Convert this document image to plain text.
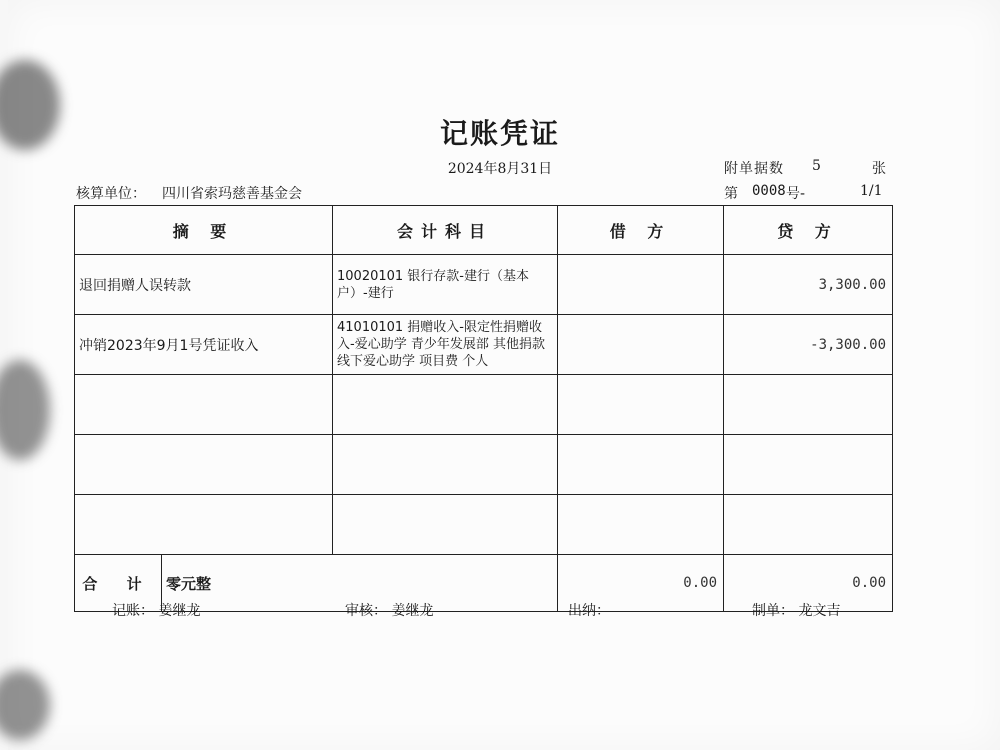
记账凭证
2024年8月31日	附单据数 5	张
核算单位： 四川省索玛慈善基金会	第 0008 号-	1/1
摘 要	会计科目	借 方	贷 方
退回捐赠人误转款	10020101 银行存款-建行（基本户）-建行		3,300.00
冲销2023年9月1号凭证收入	41010101 捐赠收入-限定性捐赠收入-爱心助学 青少年发展部 其他捐款 线下爱心助学 项目费 个人		-3,300.00

合 计 零元整		0.00	0.00
记账： 姜继龙	审核： 姜继龙	出纳：	制单： 龙文吉
